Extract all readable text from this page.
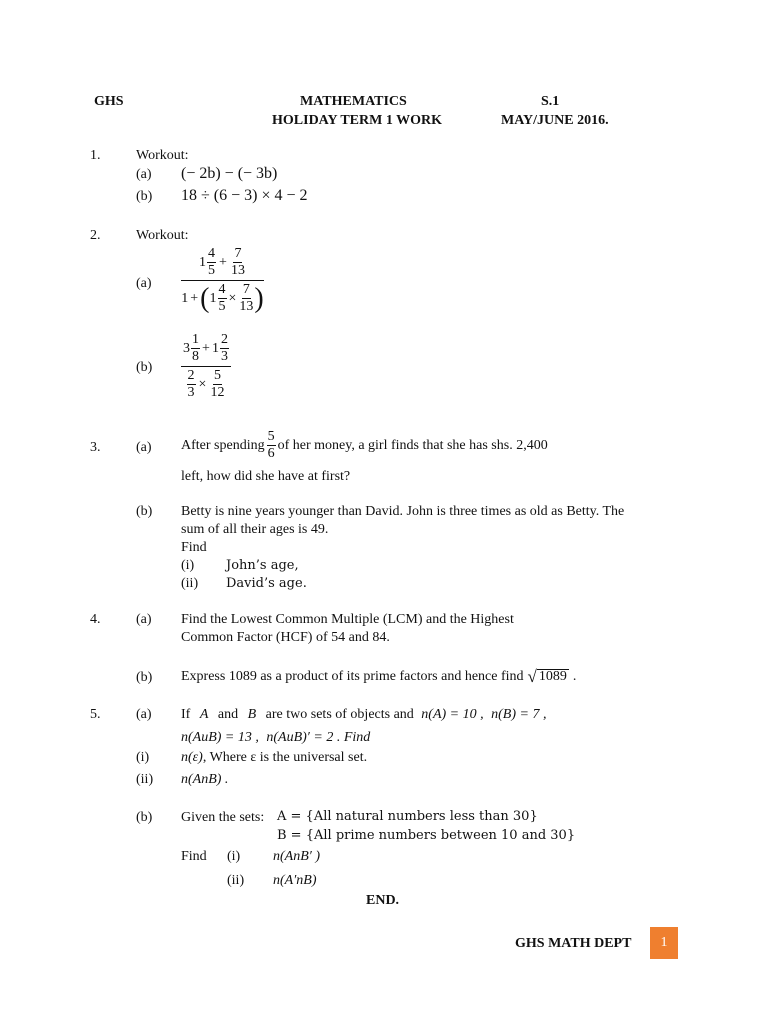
GHS	MATHEMATICS	S.1
HOLIDAY TERM 1 WORK	MAY/JUNE 2016.
1.	Workout:
(a) (− 2b) − (− 3b)
(b) 18 ÷ (6 − 3) × 4 − 2
2.	Workout:
(a)
$1 \frac{4}{5} + \frac{7}{13}$
1 + ( $1 \frac{4}{5} \times \frac{7}{13}$ )
(b)
$3 \frac{1}{8} + 1 \frac{2}{3}$
$\frac{2}{3} \times \frac{5}{12}$
3.	(a) After spending $\frac{5}{6}$ of her money, a girl finds that she has shs. 2,400
left, how did she have at first?
(b) Betty is nine years younger than David. John is three times as old as Betty. The
sum of all their ages is 49.
Find
(i) John’s age,
(ii) David’s age.
4.	(a) Find the Lowest Common Multiple (LCM) and the Highest
Common Factor (HCF) of 54 and 84.
(b) Express 1089 as a product of its prime factors and hence find √ 1089 .
5.	(a) If A and B are two sets of objects and n(A) = 10 , n(B) = 7 ,
n(AuB) = 13 , n(AuB)′ = 2 . Find
(i) n(ε), Where ε is the universal set.
(ii) n(AnB) .
(b) Given the sets: A = {All natural numbers less than 30}
B = {All prime numbers between 10 and 30}
Find (i) n(AnB′ )
(ii) n(A′nB)
END.
GHS MATH DEPT 1
